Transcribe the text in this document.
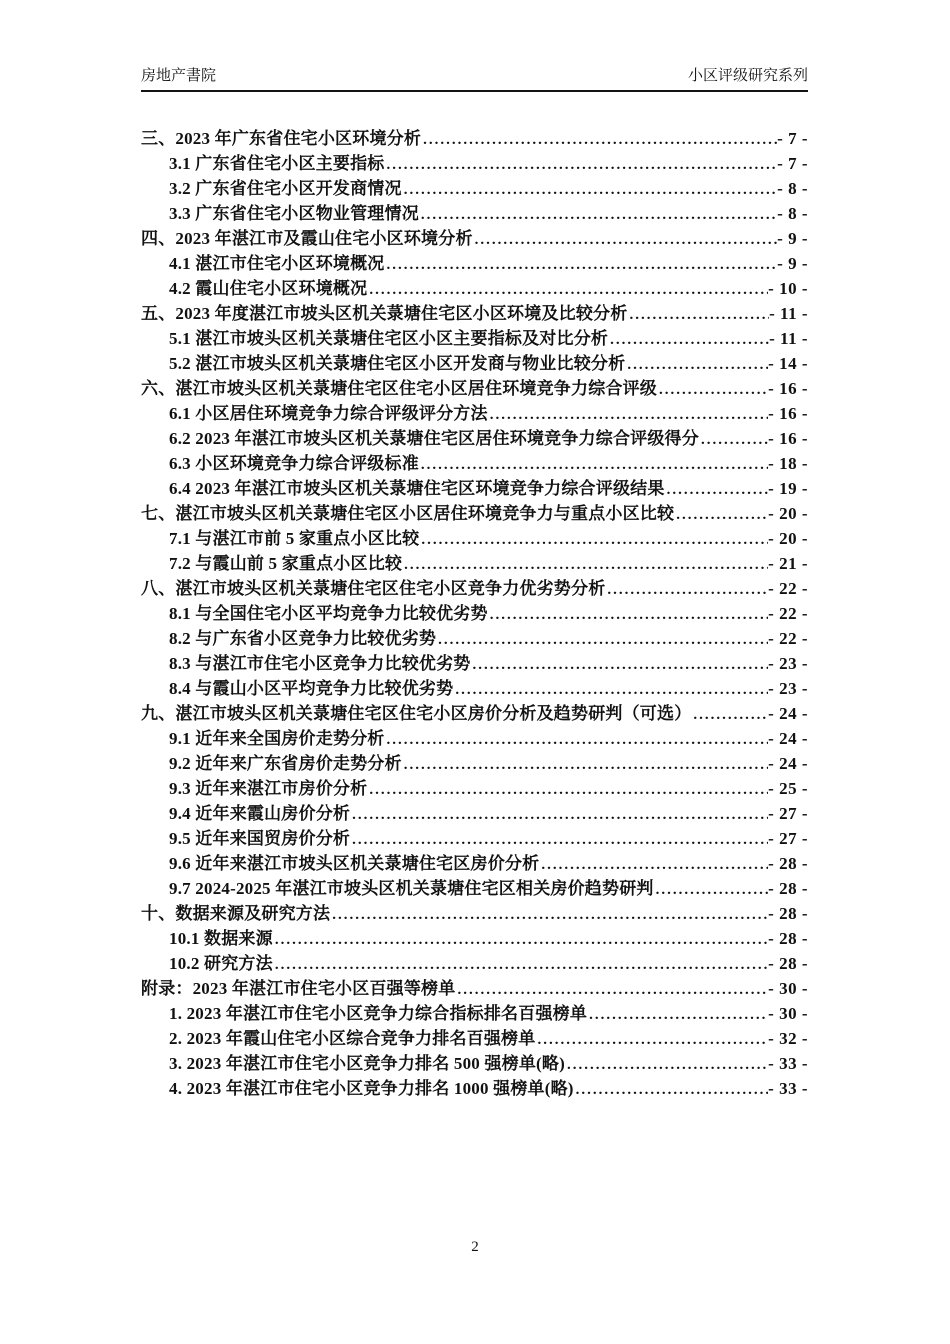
房地产書院	小区评级研究系列
三、2023 年广东省住宅小区环境分析 .....	- 7 -
3.1 广东省住宅小区主要指标 .....	- 7 -
3.2 广东省住宅小区开发商情况 .....	- 8 -
3.3 广东省住宅小区物业管理情况 .....	- 8 -
四、2023 年湛江市及霞山住宅小区环境分析 .....	- 9 -
4.1 湛江市住宅小区环境概况 .....	- 9 -
4.2 霞山住宅小区环境概况 .....	- 10 -
五、2023 年度湛江市坡头区机关菉塘住宅区小区环境及比较分析 .....	- 11 -
5.1 湛江市坡头区机关菉塘住宅区小区主要指标及对比分析 .....	- 11 -
5.2 湛江市坡头区机关菉塘住宅区小区开发商与物业比较分析 .....	- 14 -
六、湛江市坡头区机关菉塘住宅区住宅小区居住环境竞争力综合评级 .....	- 16 -
6.1 小区居住环境竞争力综合评级评分方法 .....	- 16 -
6.2 2023 年湛江市坡头区机关菉塘住宅区居住环境竞争力综合评级得分 .....	- 16 -
6.3 小区环境竞争力综合评级标准 .....	- 18 -
6.4 2023 年湛江市坡头区机关菉塘住宅区环境竞争力综合评级结果 .....	- 19 -
七、湛江市坡头区机关菉塘住宅区小区居住环境竞争力与重点小区比较 .....	- 20 -
7.1 与湛江市前 5 家重点小区比较 .....	- 20 -
7.2 与霞山前 5 家重点小区比较 .....	- 21 -
八、湛江市坡头区机关菉塘住宅区住宅小区竞争力优劣势分析 .....	- 22 -
8.1 与全国住宅小区平均竞争力比较优劣势 .....	- 22 -
8.2 与广东省小区竞争力比较优劣势 .....	- 22 -
8.3 与湛江市住宅小区竞争力比较优劣势 .....	- 23 -
8.4 与霞山小区平均竞争力比较优劣势 .....	- 23 -
九、湛江市坡头区机关菉塘住宅区住宅小区房价分析及趋势研判（可选） .....	- 24 -
9.1 近年来全国房价走势分析 .....	- 24 -
9.2 近年来广东省房价走势分析 .....	- 24 -
9.3 近年来湛江市房价分析 .....	- 25 -
9.4 近年来霞山房价分析 .....	- 27 -
9.5 近年来国贸房价分析 .....	- 27 -
9.6 近年来湛江市坡头区机关菉塘住宅区房价分析 .....	- 28 -
9.7 2024-2025 年湛江市坡头区机关菉塘住宅区相关房价趋势研判 .....	- 28 -
十、数据来源及研究方法 .....	- 28 -
10.1 数据来源 .....	- 28 -
10.2 研究方法 .....	- 28 -
附录：2023 年湛江市住宅小区百强等榜单 .....	- 30 -
1. 2023 年湛江市住宅小区竞争力综合指标排名百强榜单 .....	- 30 -
2. 2023 年霞山住宅小区综合竞争力排名百强榜单 .....	- 32 -
3. 2023 年湛江市住宅小区竞争力排名 500 强榜单(略) .....	- 33 -
4. 2023 年湛江市住宅小区竞争力排名 1000 强榜单(略) .....	- 33 -
2
